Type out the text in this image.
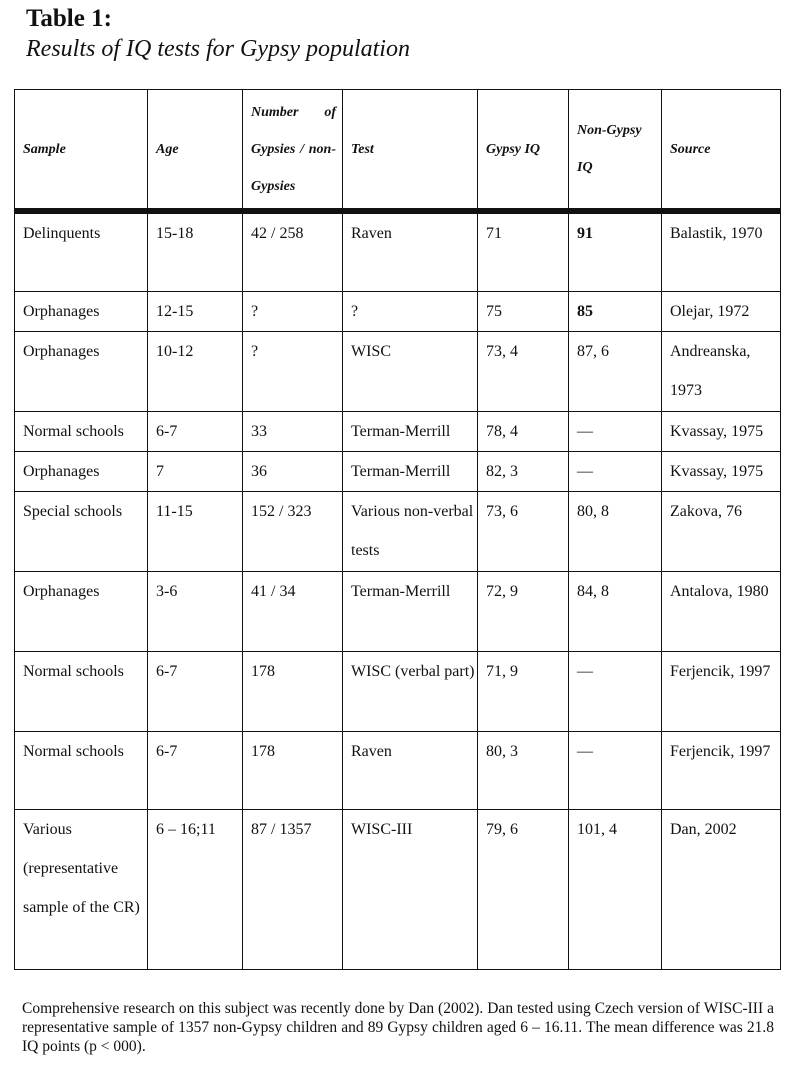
Table 1:

Results of IQ tests for Gypsy population

Sample	Age	Number of Gypsies / non-Gypsies	Test	Gypsy IQ	Non-Gypsy IQ	Source
Delinquents	15-18	42 / 258	Raven	71	91	Balastik, 1970
Orphanages	12-15	?	?	75	85	Olejar, 1972
Orphanages	10-12	?	WISC	73, 4	87, 6	Andreanska, 1973
Normal schools	6-7	33	Terman-Merrill	78, 4	—	Kvassay, 1975
Orphanages	7	36	Terman-Merrill	82, 3	—	Kvassay, 1975
Special schools	11-15	152 / 323	Various non-verbal tests	73, 6	80, 8	Zakova, 76
Orphanages	3-6	41 / 34	Terman-Merrill	72, 9	84, 8	Antalova, 1980
Normal schools	6-7	178	WISC (verbal part)	71, 9	—	Ferjencik, 1997
Normal schools	6-7	178	Raven	80, 3	—	Ferjencik, 1997
Various (representative sample of the CR)	6 – 16;11	87 / 1357	WISC-III	79, 6	101, 4	Dan, 2002

Comprehensive research on this subject was recently done by Dan (2002). Dan tested using Czech version of WISC-III a representative sample of 1357 non-Gypsy children and 89 Gypsy children aged 6 – 16.11. The mean difference was 21.8 IQ points (p < 000).
